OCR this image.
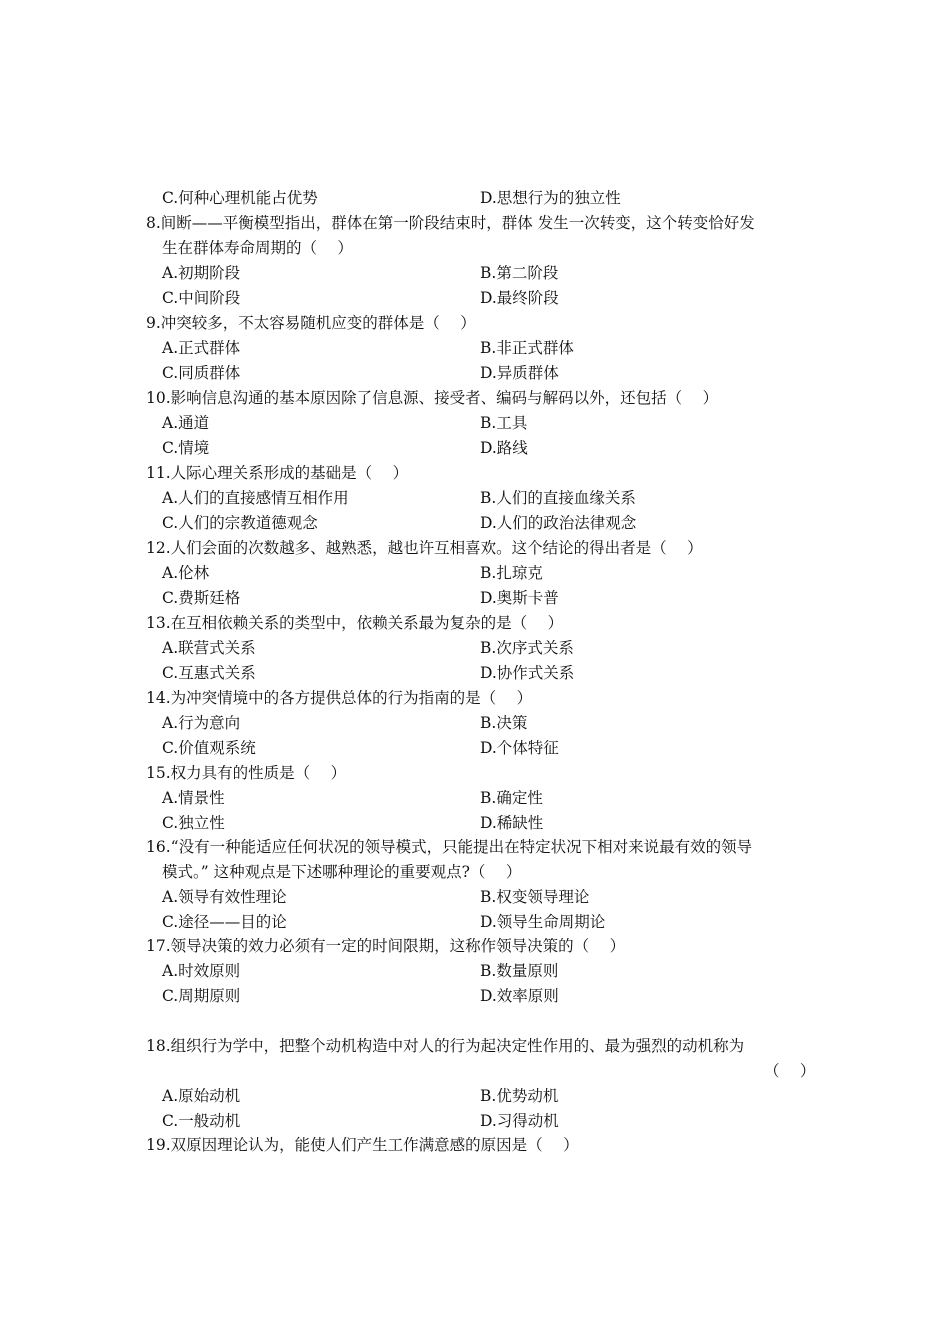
C.何种心理机能占优势	D.思想行为的独立性
8.间断——平衡模型指出，群体在第一阶段结束时，群体 发生一次转变，这个转变恰好发
生在群体寿命周期的（　 ）
A.初期阶段	B.第二阶段
C.中间阶段	D.最终阶段
9.冲突较多，不太容易随机应变的群体是（　 ）
A.正式群体	B.非正式群体
C.同质群体	D.异质群体
10.影响信息沟通的基本原因除了信息源、接受者、编码与解码以外，还包括（　 ）
A.通道	B.工具
C.情境	D.路线
11.人际心理关系形成的基础是（　 ）
A.人们的直接感情互相作用	B.人们的直接血缘关系
C.人们的宗教道德观念	D.人们的政治法律观念
12.人们会面的次数越多、越熟悉，越也许互相喜欢。这个结论的得出者是（　 ）
A.伦林	B.扎琼克
C.费斯廷格	D.奥斯卡普
13.在互相依赖关系的类型中，依赖关系最为复杂的是（　 ）
A.联营式关系	B.次序式关系
C.互惠式关系	D.协作式关系
14.为冲突情境中的各方提供总体的行为指南的是（　 ）
A.行为意向	B.决策
C.价值观系统	D.个体特征
15.权力具有的性质是（　 ）
A.情景性	B.确定性
C.独立性	D.稀缺性
16.“没有一种能适应任何状况的领导模式，只能提出在特定状况下相对来说最有效的领导
模式。” 这种观点是下述哪种理论的重要观点?（　 ）
A.领导有效性理论	B.权变领导理论
C.途径——目的论	D.领导生命周期论
17.领导决策的效力必须有一定的时间限期，这称作领导决策的（　 ）
A.时效原则	B.数量原则
C.周期原则	D.效率原则
18.组织行为学中，把整个动机构造中对人的行为起决定性作用的、最为强烈的动机称为
（　 ）
A.原始动机	B.优势动机
C.一般动机	D.习得动机
19.双原因理论认为，能使人们产生工作满意感的原因是（　 ）
